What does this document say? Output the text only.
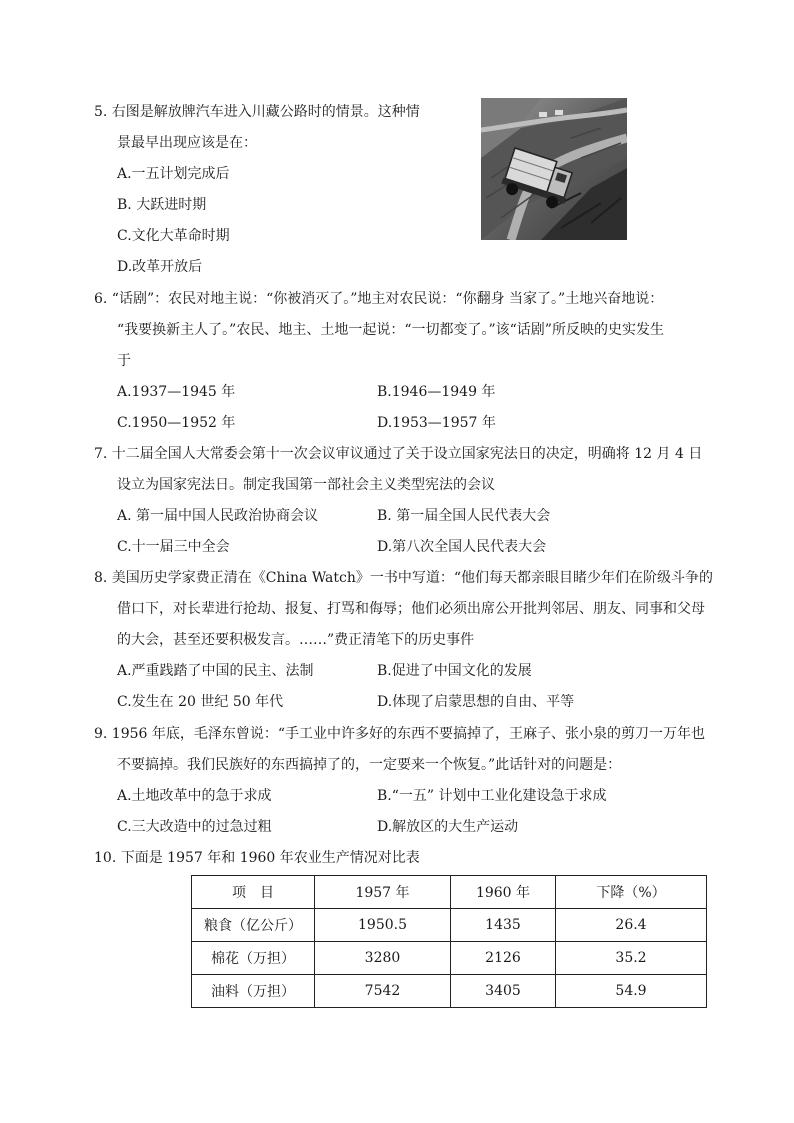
5. 右图是解放牌汽车进入川藏公路时的情景。这种情
景最早出现应该是在：
A.一五计划完成后
B. 大跃进时期
C.文化大革命时期
D.改革开放后
6. “话剧”：农民对地主说：“你被消灭了。”地主对农民说：“你翻身 当家了。”土地兴奋地说：
“我要换新主人了。”农民、地主、土地一起说：“一切都变了。”该“话剧”所反映的史实发生
于
A.1937—1945 年	B.1946—1949 年
C.1950—1952 年	D.1953—1957 年
7. 十二届全国人大常委会第十一次会议审议通过了关于设立国家宪法日的决定，明确将 12 月 4 日
设立为国家宪法日。制定我国第一部社会主义类型宪法的会议
A. 第一届中国人民政治协商会议	B. 第一届全国人民代表大会
C.十一届三中全会	D.第八次全国人民代表大会
8. 美国历史学家费正清在《China Watch》一书中写道：“他们每天都亲眼目睹少年们在阶级斗争的
借口下，对长辈进行抢劫、报复、打骂和侮辱；他们必须出席公开批判邻居、朋友、同事和父母
的大会，甚至还要积极发言。……”费正清笔下的历史事件
A.严重践踏了中国的民主、法制	B.促进了中国文化的发展
C.发生在 20 世纪 50 年代	D.体现了启蒙思想的自由、平等
9. 1956 年底，毛泽东曾说：“手工业中许多好的东西不要搞掉了，王麻子、张小泉的剪刀一万年也
不要搞掉。我们民族好的东西搞掉了的，一定要来一个恢复。”此话针对的问题是：
A.土地改革中的急于求成	B.“一五” 计划中工业化建设急于求成
C.三大改造中的过急过粗	D.解放区的大生产运动
10. 下面是 1957 年和 1960 年农业生产情况对比表
项　目	1957 年	1960 年	下降（%）
粮食（亿公斤）	1950.5	1435	26.4
棉花（万担）	3280	2126	35.2
油料（万担）	7542	3405	54.9
